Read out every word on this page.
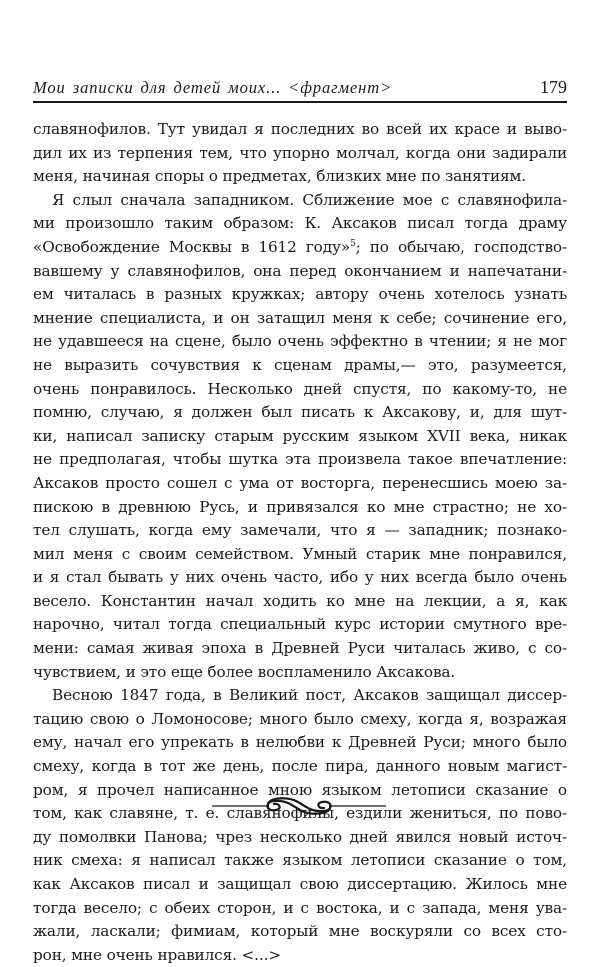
Мои записки для детей моих... <фрагмент>	179
славянофилов. Тут увидал я последних во всей их красе и выво-
дил их из терпения тем, что упорно молчал, когда они задирали
меня, начиная споры о предметах, близких мне по занятиям.
Я слыл сначала западником. Сближение мое с славянофила-
ми произошло таким образом: К. Аксаков писал тогда драму
«Освобождение Москвы в 1612 году»$^5$; по обычаю, господство-
вавшему у славянофилов, она перед окончанием и напечатани-
ем читалась в разных кружках; автору очень хотелось узнать
мнение специалиста, и он затащил меня к себе; сочинение его,
не удавшееся на сцене, было очень эффектно в чтении; я не мог
не выразить сочувствия к сценам драмы,— это, разумеется,
очень понравилось. Несколько дней спустя, по какому-то, не
помню, случаю, я должен был писать к Аксакову, и, для шут-
ки, написал записку старым русским языком XVII века, никак
не предполагая, чтобы шутка эта произвела такое впечатление:
Аксаков просто сошел с ума от восторга, перенесшись моею за-
пискою в древнюю Русь, и привязался ко мне страстно; не хо-
тел слушать, когда ему замечали, что я — западник; познако-
мил меня с своим семейством. Умный старик мне понравился,
и я стал бывать у них очень часто, ибо у них всегда было очень
весело. Константин начал ходить ко мне на лекции, а я, как
нарочно, читал тогда специальный курс истории смутного вре-
мени: самая живая эпоха в Древней Руси читалась живо, с со-
чувствием, и это еще более воспламенило Аксакова.
Весною 1847 года, в Великий пост, Аксаков защищал диссер-
тацию свою о Ломоносове; много было смеху, когда я, возражая
ему, начал его упрекать в нелюбви к Древней Руси; много было
смеху, когда в тот же день, после пира, данного новым магист-
ром, я прочел написанное мною языком летописи сказание о
том, как славяне, т. е. славянофилы, ездили жениться, по пово-
ду помолвки Панова; чрез несколько дней явился новый источ-
ник смеха: я написал также языком летописи сказание о том,
как Аксаков писал и защищал свою диссертацию. Жилось мне
тогда весело; с обеих сторон, и с востока, и с запада, меня ува-
жали, ласкали; фимиам, который мне воскуряли со всех сто-
рон, мне очень нравился. <...>
